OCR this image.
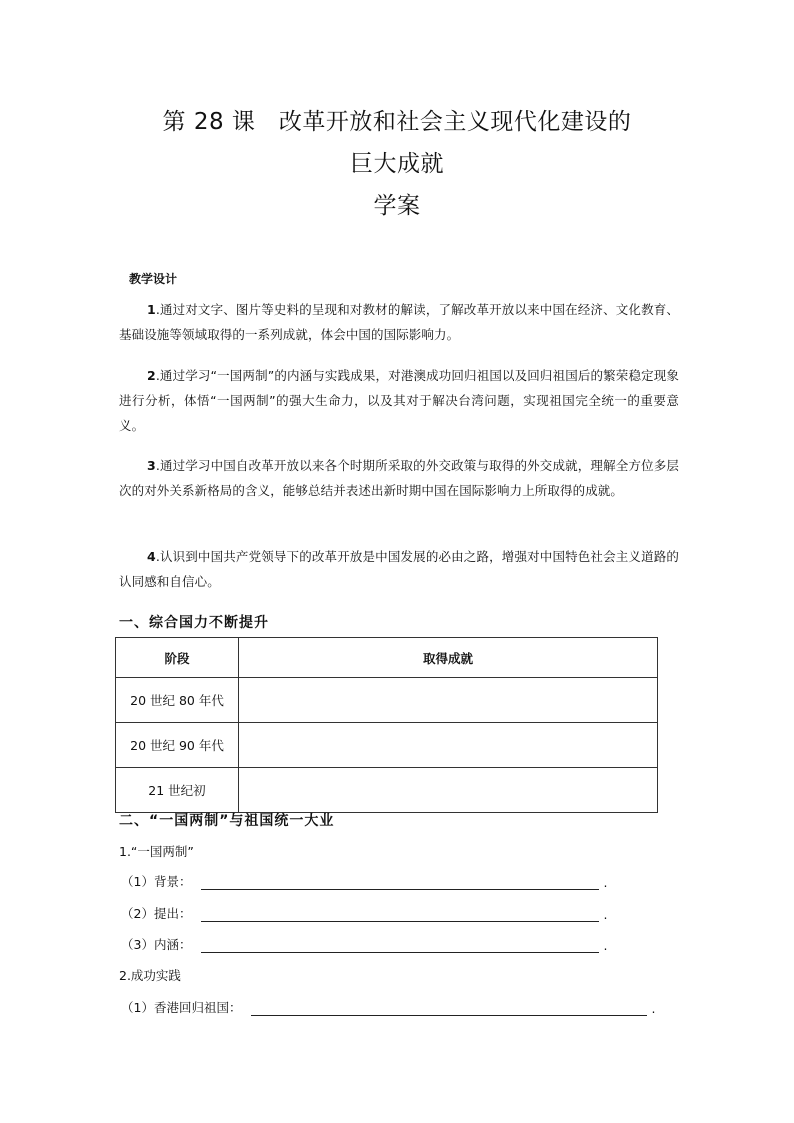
第 28 课　改革开放和社会主义现代化建设的
巨大成就
学案
教学设计
1.通过对文字、图片等史料的呈现和对教材的解读，了解改革开放以来中国在经济、文化教育、基础设施等领域取得的一系列成就，体会中国的国际影响力。
2.通过学习“一国两制”的内涵与实践成果，对港澳成功回归祖国以及回归祖国后的繁荣稳定现象进行分析，体悟“一国两制”的强大生命力，以及其对于解决台湾问题，实现祖国完全统一的重要意义。
3.通过学习中国自改革开放以来各个时期所采取的外交政策与取得的外交成就，理解全方位多层次的对外关系新格局的含义，能够总结并表述出新时期中国在国际影响力上所取得的成就。
4.认识到中国共产党领导下的改革开放是中国发展的必由之路，增强对中国特色社会主义道路的认同感和自信心。
一、综合国力不断提升
阶段	取得成就
20 世纪 80 年代	
20 世纪 90 年代	
21 世纪初	
二、“一国两制”与祖国统一大业
1.“一国两制”
（1）背景：	.
（2）提出：	.
（3）内涵：	.
2.成功实践
（1）香港回归祖国：	.
